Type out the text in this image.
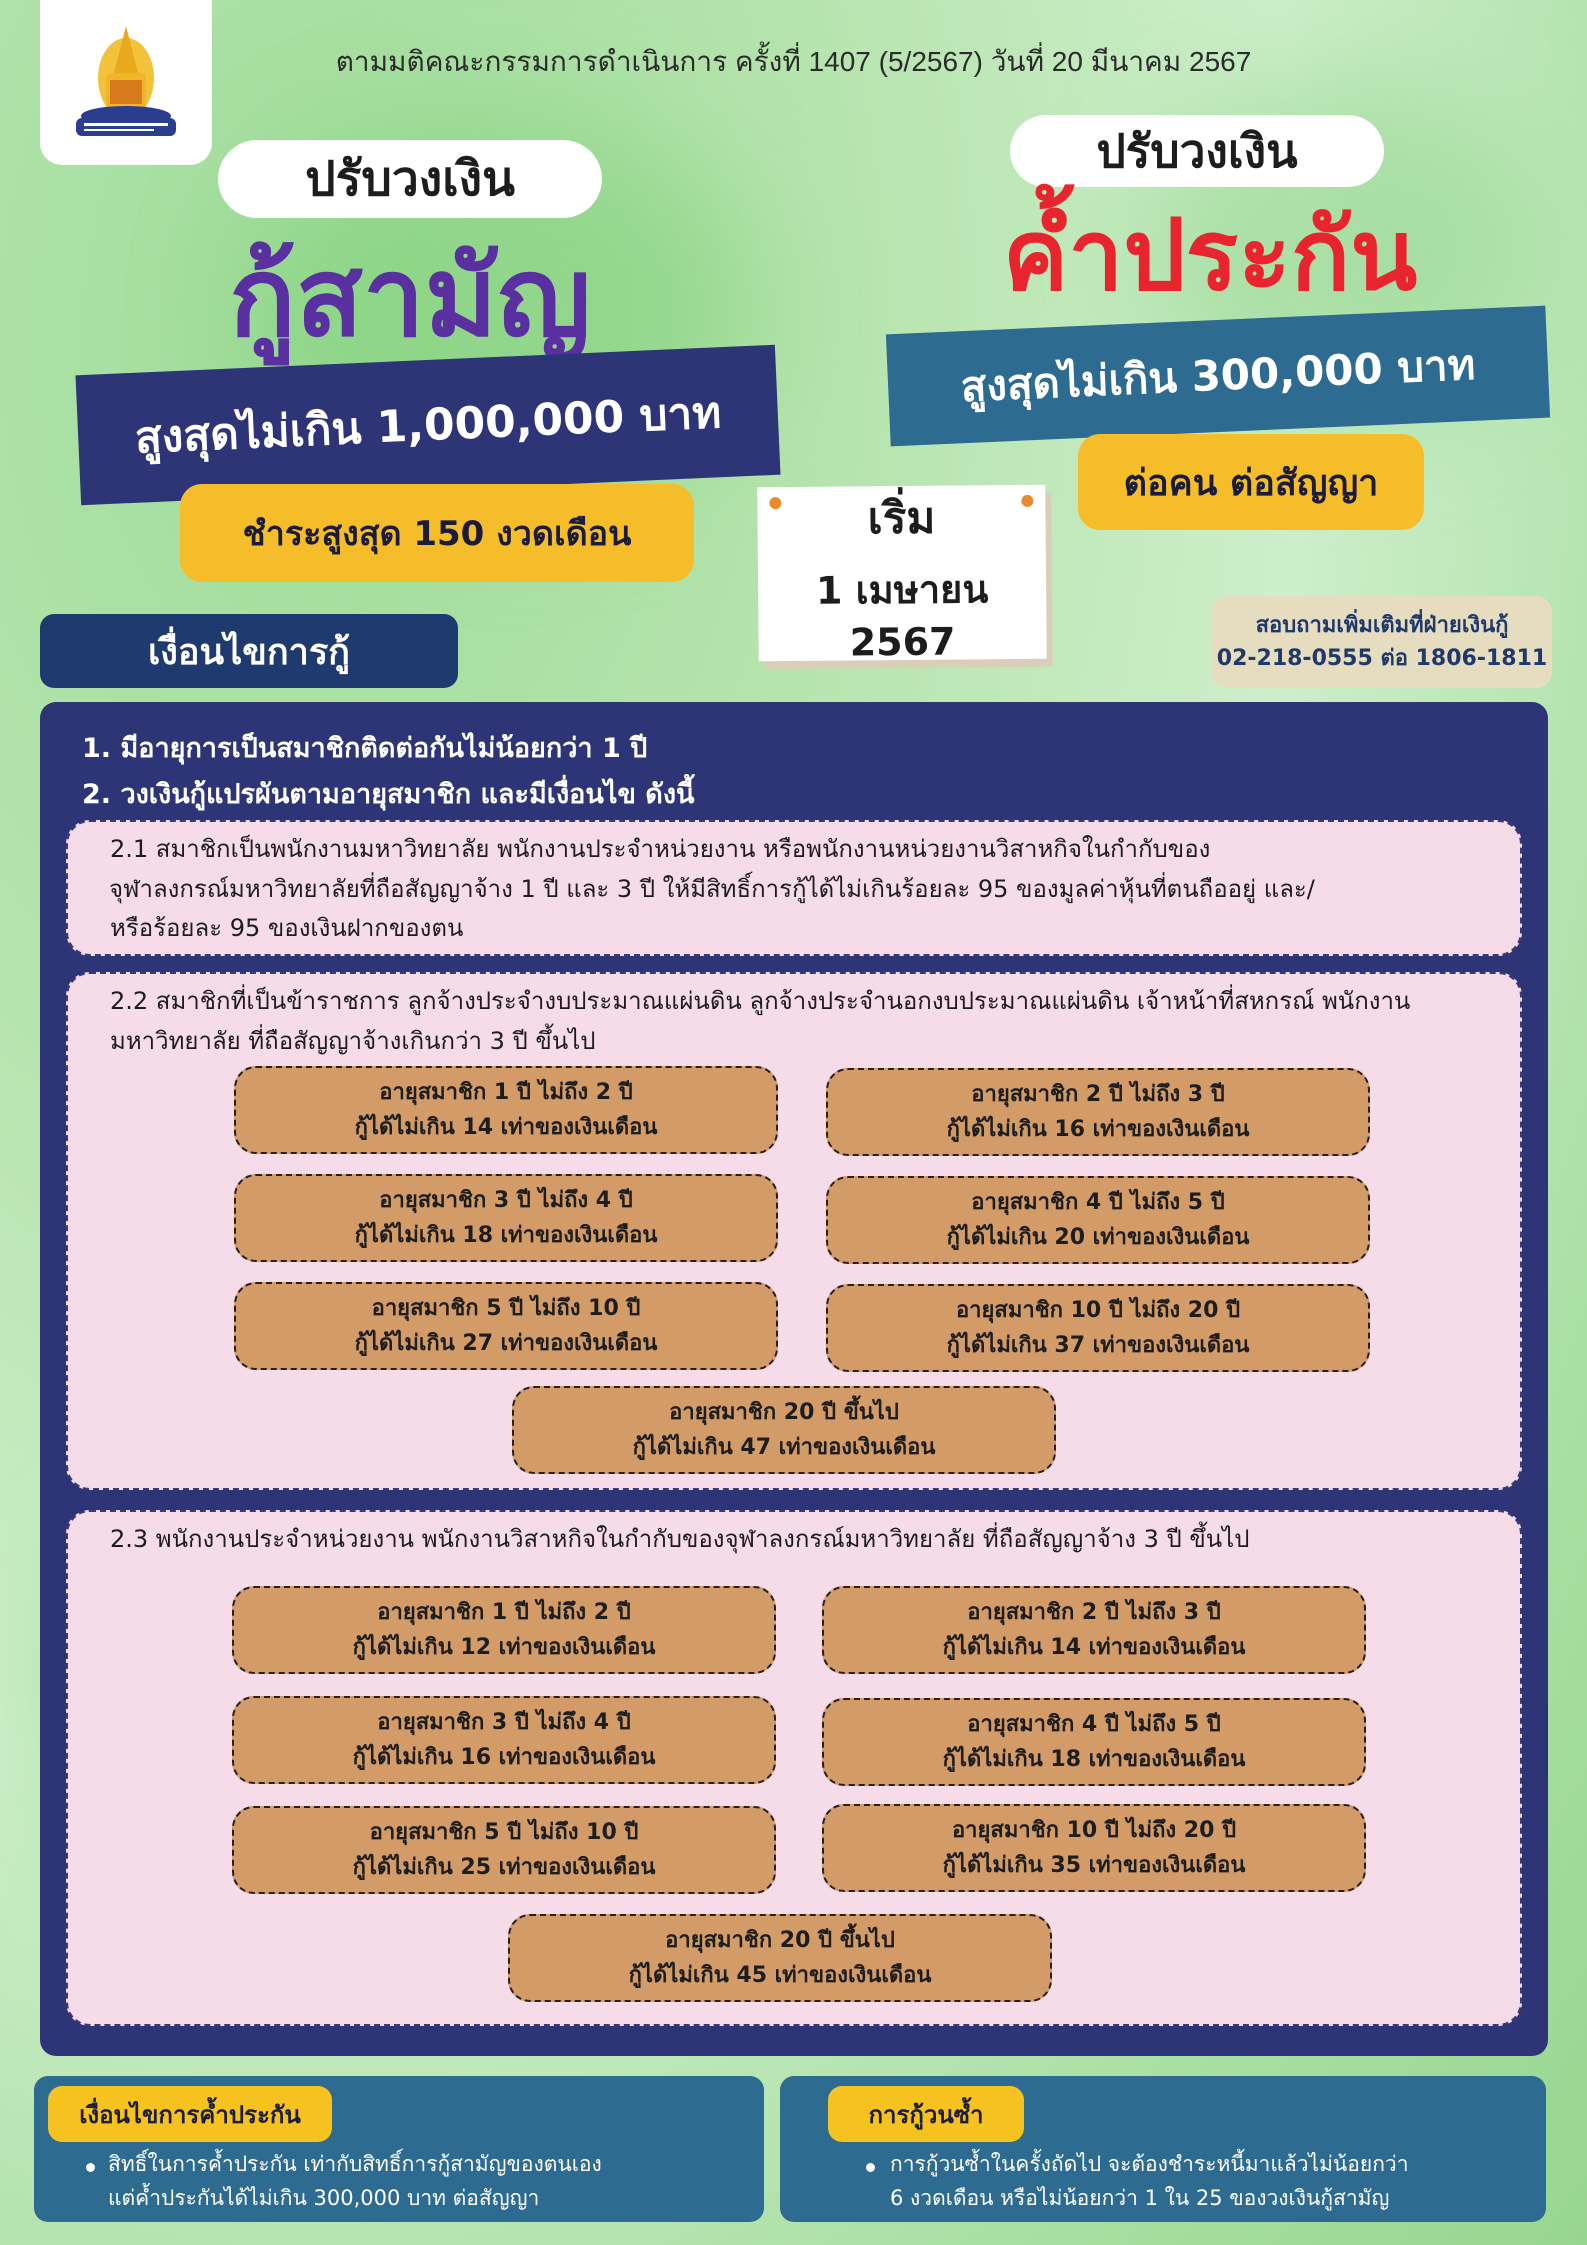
ตามมติคณะกรรมการดำเนินการ ครั้งที่ 1407 (5/2567) วันที่ 20 มีนาคม 2567
ปรับวงเงิน
กู้สามัญ
สูงสุดไม่เกิน 1,000,000 บาท
ชำระสูงสุด 150 งวดเดือน
ปรับวงเงิน
ค้ำประกัน
สูงสุดไม่เกิน 300,000 บาท
ต่อคน ต่อสัญญา
เริ่ม
1 เมษายน 2567	สอบถามเพิ่มเติมที่ฝ่ายเงินกู้
02-218-0555 ต่อ 1806-1811
เงื่อนไขการกู้
1. มีอายุการเป็นสมาชิกติดต่อกันไม่น้อยกว่า 1 ปี
2. วงเงินกู้แปรผันตามอายุสมาชิก และมีเงื่อนไข ดังนี้
2.1 สมาชิกเป็นพนักงานมหาวิทยาลัย พนักงานประจำหน่วยงาน หรือพนักงานหน่วยงานวิสาหกิจในกำกับของ
จุฬาลงกรณ์มหาวิทยาลัยที่ถือสัญญาจ้าง 1 ปี และ 3 ปี ให้มีสิทธิ์การกู้ได้ไม่เกินร้อยละ 95 ของมูลค่าหุ้นที่ตนถืออยู่ และ/
หรือร้อยละ 95 ของเงินฝากของตน
2.2 สมาชิกที่เป็นข้าราชการ ลูกจ้างประจำงบประมาณแผ่นดิน ลูกจ้างประจำนอกงบประมาณแผ่นดิน เจ้าหน้าที่สหกรณ์ พนักงาน
มหาวิทยาลัย ที่ถือสัญญาจ้างเกินกว่า 3 ปี ขึ้นไป
อายุสมาชิก 1 ปี ไม่ถึง 2 ปี
กู้ได้ไม่เกิน 14 เท่าของเงินเดือน
อายุสมาชิก 2 ปี ไม่ถึง 3 ปี
กู้ได้ไม่เกิน 16 เท่าของเงินเดือน
อายุสมาชิก 3 ปี ไม่ถึง 4 ปี
กู้ได้ไม่เกิน 18 เท่าของเงินเดือน
อายุสมาชิก 4 ปี ไม่ถึง 5 ปี
กู้ได้ไม่เกิน 20 เท่าของเงินเดือน
อายุสมาชิก 5 ปี ไม่ถึง 10 ปี
กู้ได้ไม่เกิน 27 เท่าของเงินเดือน
อายุสมาชิก 10 ปี ไม่ถึง 20 ปี
กู้ได้ไม่เกิน 37 เท่าของเงินเดือน
อายุสมาชิก 20 ปี ขึ้นไป
กู้ได้ไม่เกิน 47 เท่าของเงินเดือน
2.3 พนักงานประจำหน่วยงาน พนักงานวิสาหกิจในกำกับของจุฬาลงกรณ์มหาวิทยาลัย ที่ถือสัญญาจ้าง 3 ปี ขึ้นไป
อายุสมาชิก 1 ปี ไม่ถึง 2 ปี
กู้ได้ไม่เกิน 12 เท่าของเงินเดือน
อายุสมาชิก 2 ปี ไม่ถึง 3 ปี
กู้ได้ไม่เกิน 14 เท่าของเงินเดือน
อายุสมาชิก 3 ปี ไม่ถึง 4 ปี
กู้ได้ไม่เกิน 16 เท่าของเงินเดือน
อายุสมาชิก 4 ปี ไม่ถึง 5 ปี
กู้ได้ไม่เกิน 18 เท่าของเงินเดือน
อายุสมาชิก 5 ปี ไม่ถึง 10 ปี
กู้ได้ไม่เกิน 25 เท่าของเงินเดือน
อายุสมาชิก 10 ปี ไม่ถึง 20 ปี
กู้ได้ไม่เกิน 35 เท่าของเงินเดือน
อายุสมาชิก 20 ปี ขึ้นไป
กู้ได้ไม่เกิน 45 เท่าของเงินเดือน
เงื่อนไขการค้ำประกัน
สิทธิ์ในการค้ำประกัน เท่ากับสิทธิ์การกู้สามัญของตนเอง
แต่ค้ำประกันได้ไม่เกิน 300,000 บาท ต่อสัญญา
การกู้วนซ้ำ
การกู้วนซ้ำในครั้งถัดไป จะต้องชำระหนี้มาแล้วไม่น้อยกว่า
6 งวดเดือน หรือไม่น้อยกว่า 1 ใน 25 ของวงเงินกู้สามัญ
